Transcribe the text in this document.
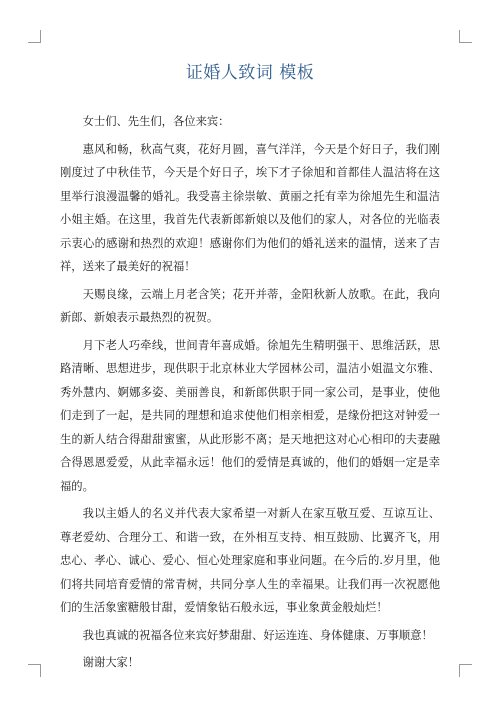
证婚人致词 模板

女士们、先生们，各位来宾：

惠风和畅，秋高气爽，花好月圆，喜气洋洋，今天是个好日子，我们刚刚度过了中秋佳节，今天是个好日子，埃下才子徐旭和首都佳人温洁将在这里举行浪漫温馨的婚礼。我受喜主徐崇敏、黄丽之托有幸为徐旭先生和温洁小姐主婚。在这里，我首先代表新郎新娘以及他们的家人，对各位的光临表示衷心的感谢和热烈的欢迎！感谢你们为他们的婚礼送来的温情，送来了吉祥，送来了最美好的祝福！

天赐良缘，云端上月老含笑；花开并蒂，金阳秋新人放歌。在此，我向新郎、新娘表示最热烈的祝贺。

月下老人巧牵线，世间青年喜成婚。徐旭先生精明强干、思维活跃，思路清晰、思想进步，现供职于北京林业大学园林公司，温洁小姐温文尔雅、秀外慧内、婀娜多姿、美丽善良，和新郎供职于同一家公司，是事业，使他们走到了一起，是共同的理想和追求使他们相亲相爱，是缘份把这对钟爱一生的新人结合得甜甜蜜蜜，从此形影不离；是天地把这对心心相印的夫妻融合得恩恩爱爱，从此幸福永远！他们的爱情是真诚的，他们的婚姻一定是幸福的。

我以主婚人的名义并代表大家希望一对新人在家互敬互爱、互谅互让、尊老爱幼、合理分工、和谐一致，在外相互支持、相互鼓励、比翼齐飞，用忠心、孝心、诚心、爱心、恒心处理家庭和事业问题。在今后的.岁月里，他们将共同培育爱情的常青树，共同分享人生的幸福果。让我们再一次祝愿他们的生活象蜜糖般甘甜，爱情象钻石般永远，事业象黄金般灿烂！

我也真诚的祝福各位来宾好梦甜甜、好运连连、身体健康、万事顺意！

谢谢大家！
